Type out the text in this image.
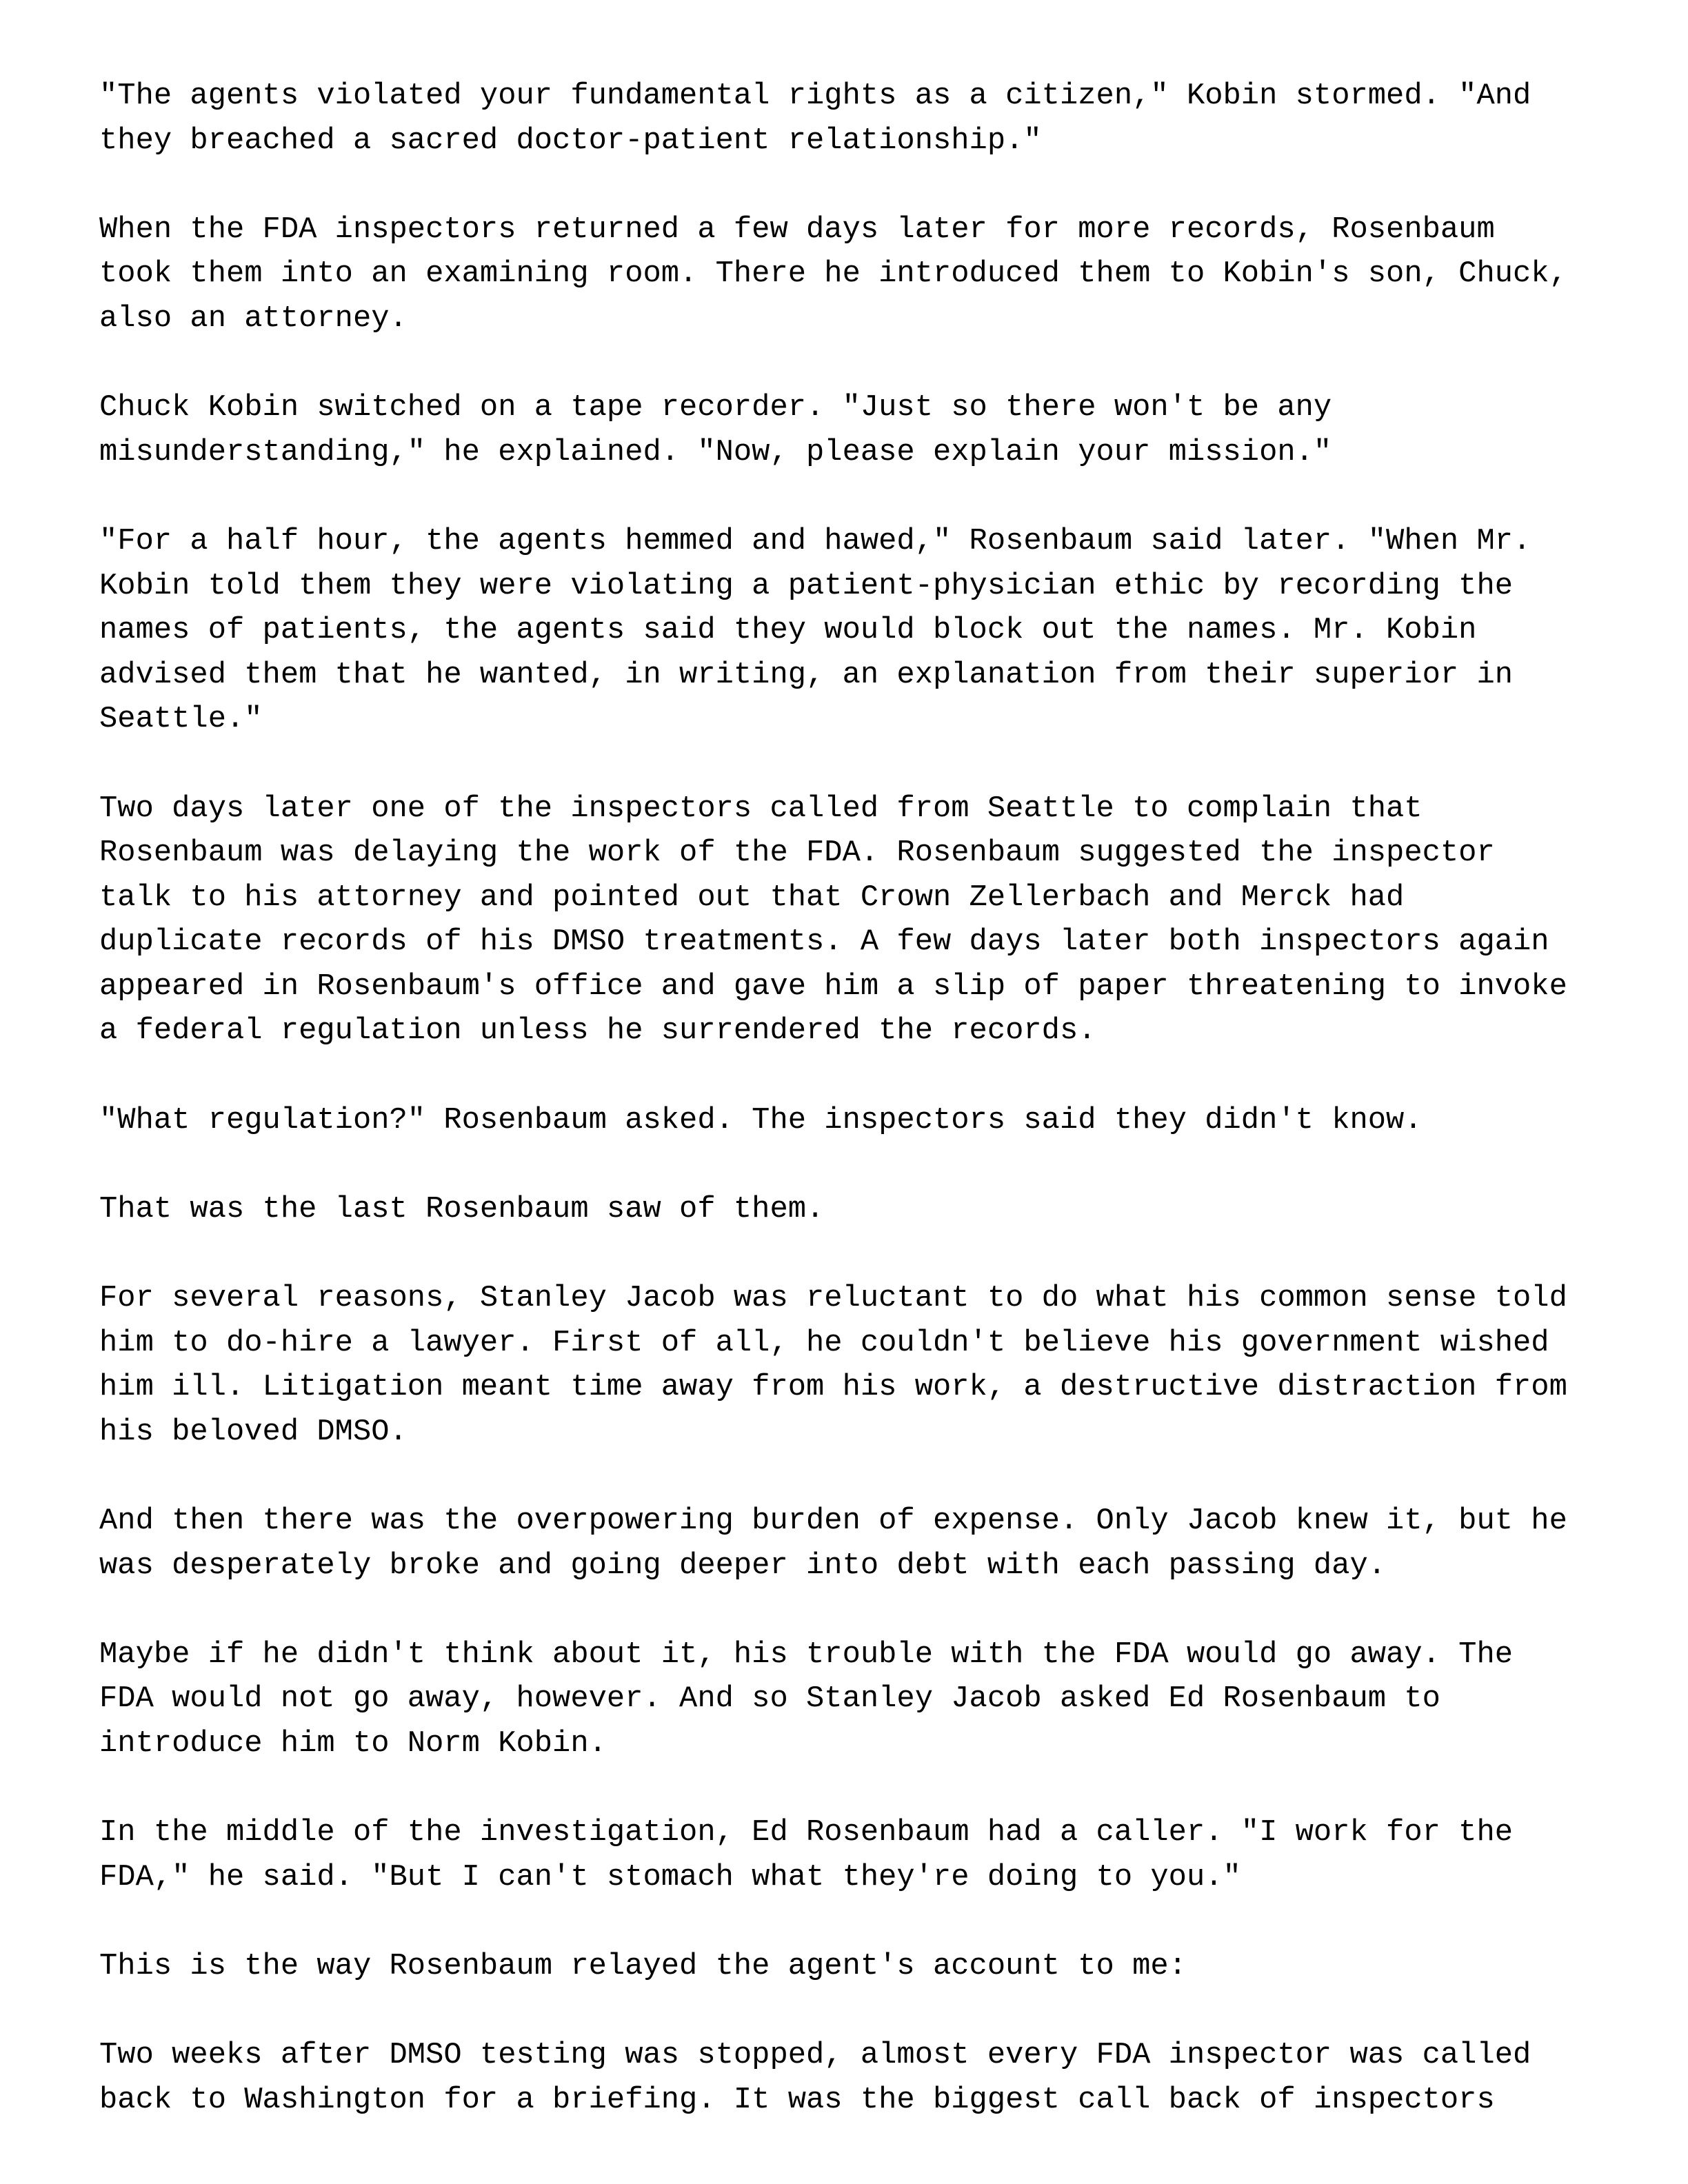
"The agents violated your fundamental rights as a citizen," Kobin stormed. "And
they breached a sacred doctor-patient relationship."
When the FDA inspectors returned a few days later for more records, Rosenbaum
took them into an examining room. There he introduced them to Kobin's son, Chuck,
also an attorney.
Chuck Kobin switched on a tape recorder. "Just so there won't be any
misunderstanding," he explained. "Now, please explain your mission."
"For a half hour, the agents hemmed and hawed," Rosenbaum said later. "When Mr.
Kobin told them they were violating a patient-physician ethic by recording the
names of patients, the agents said they would block out the names. Mr. Kobin
advised them that he wanted, in writing, an explanation from their superior in
Seattle."
Two days later one of the inspectors called from Seattle to complain that
Rosenbaum was delaying the work of the FDA. Rosenbaum suggested the inspector
talk to his attorney and pointed out that Crown Zellerbach and Merck had
duplicate records of his DMSO treatments. A few days later both inspectors again
appeared in Rosenbaum's office and gave him a slip of paper threatening to invoke
a federal regulation unless he surrendered the records.
"What regulation?" Rosenbaum asked. The inspectors said they didn't know.
That was the last Rosenbaum saw of them.
For several reasons, Stanley Jacob was reluctant to do what his common sense told
him to do-hire a lawyer. First of all, he couldn't believe his government wished
him ill. Litigation meant time away from his work, a destructive distraction from
his beloved DMSO.
And then there was the overpowering burden of expense. Only Jacob knew it, but he
was desperately broke and going deeper into debt with each passing day.
Maybe if he didn't think about it, his trouble with the FDA would go away. The
FDA would not go away, however. And so Stanley Jacob asked Ed Rosenbaum to
introduce him to Norm Kobin.
In the middle of the investigation, Ed Rosenbaum had a caller. "I work for the
FDA," he said. "But I can't stomach what they're doing to you."
This is the way Rosenbaum relayed the agent's account to me:
Two weeks after DMSO testing was stopped, almost every FDA inspector was called
back to Washington for a briefing. It was the biggest call back of inspectors
